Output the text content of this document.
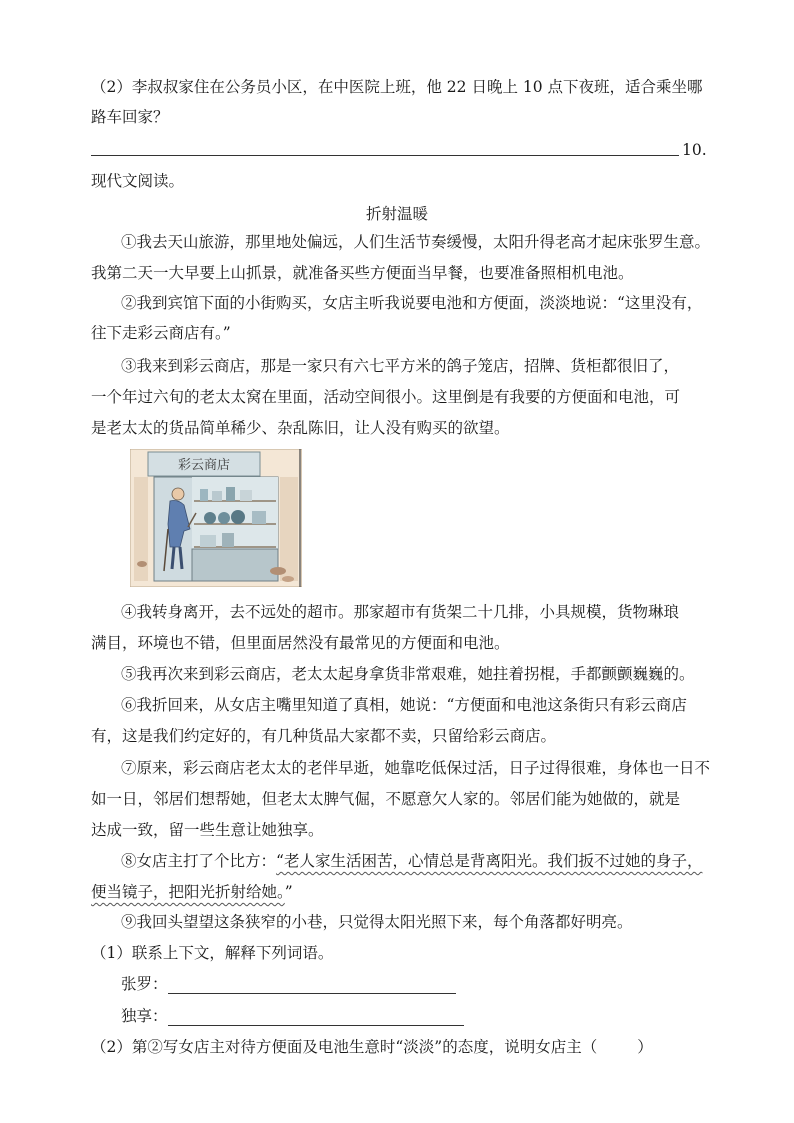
（2）李叔叔家住在公务员小区，在中医院上班，他 22 日晚上 10 点下夜班，适合乘坐哪
路车回家？
10.
现代文阅读。
折射温暖
①我去天山旅游，那里地处偏远，人们生活节奏缓慢，太阳升得老高才起床张罗生意。
我第二天一大早要上山抓景，就准备买些方便面当早餐，也要准备照相机电池。
②我到宾馆下面的小街购买，女店主听我说要电池和方便面，淡淡地说：“这里没有，
往下走彩云商店有。”
③我来到彩云商店，那是一家只有六七平方米的鸽子笼店，招牌、货柜都很旧了，
一个年过六旬的老太太窝在里面，活动空间很小。这里倒是有我要的方便面和电池，可
是老太太的货品简单稀少、杂乱陈旧，让人没有购买的欲望。
彩云商店
④我转身离开，去不远处的超市。那家超市有货架二十几排，小具规模，货物琳琅
满目，环境也不错，但里面居然没有最常见的方便面和电池。
⑤我再次来到彩云商店，老太太起身拿货非常艰难，她拄着拐棍，手都颤颤巍巍的。
⑥我折回来，从女店主嘴里知道了真相，她说：“方便面和电池这条街只有彩云商店
有，这是我们约定好的，有几种货品大家都不卖，只留给彩云商店。
⑦原来，彩云商店老太太的老伴早逝，她靠吃低保过活，日子过得很难，身体也一日不
如一日，邻居们想帮她，但老太太脾气倔，不愿意欠人家的。邻居们能为她做的，就是
达成一致，留一些生意让她独享。
⑧女店主打了个比方：“老人家生活困苦，心情总是背离阳光。我们扳不过她的身子，
便当镜子，把阳光折射给她。”
⑨我回头望望这条狭窄的小巷，只觉得太阳光照下来，每个角落都好明亮。
（1）联系上下文，解释下列词语。
张罗：
独享：
（2）第②写女店主对待方便面及电池生意时“淡淡”的态度，说明女店主（	）
